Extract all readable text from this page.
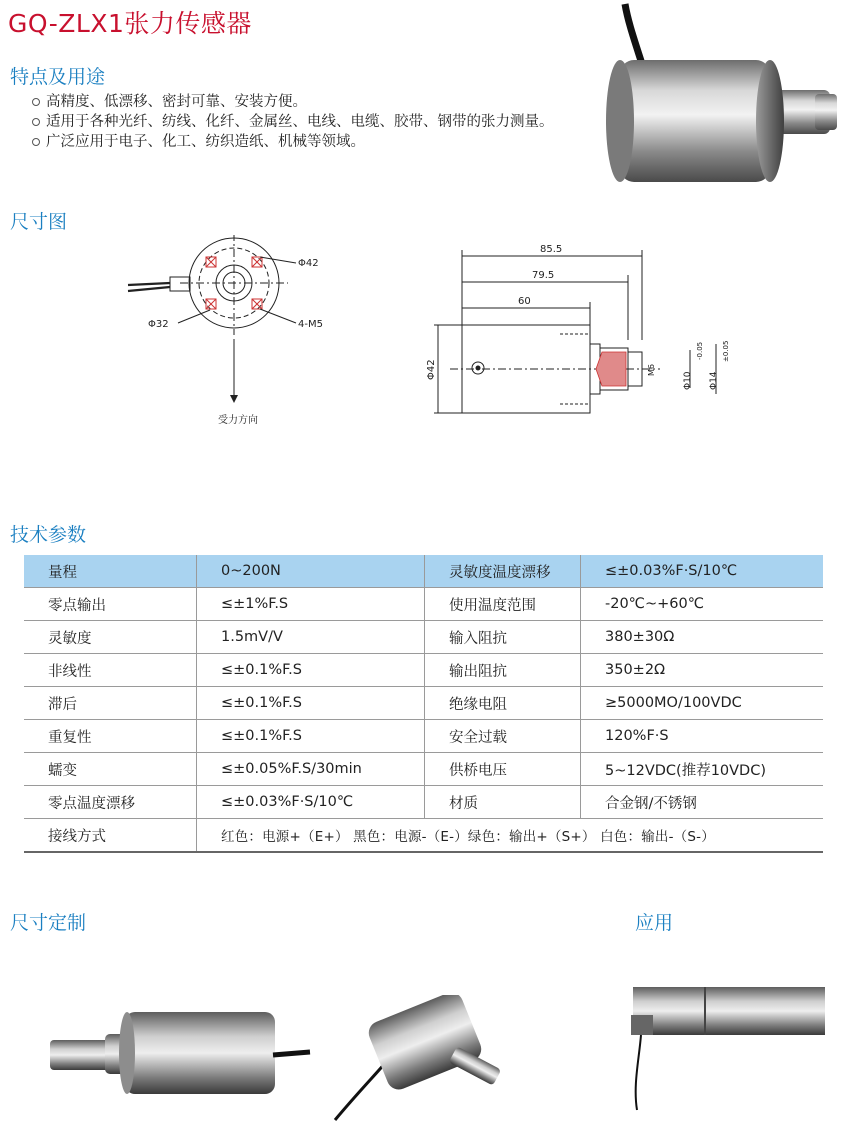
GQ-ZLX1张力传感器
特点及用途
高精度、低漂移、密封可靠、安装方便。
适用于各种光纤、纺线、化纤、金属丝、电线、电缆、胶带、钢带的张力测量。
广泛应用于电子、化工、纺织造纸、机械等领域。
尺寸图
Φ42
4-M5
Φ32
受力方向
85.5
79.5
60
Φ42	M6
Φ10
-0.05
Φ14
±0.05
技术参数
量程	0~200N	灵敏度温度漂移	≤±0.03%F·S/10℃
零点输出	≤±1%F.S	使用温度范围	-20℃~+60℃
灵敏度	1.5mV/V	输入阻抗	380±30Ω
非线性	≤±0.1%F.S	输出阻抗	350±2Ω
滞后	≤±0.1%F.S	绝缘电阻	≥5000MO/100VDC
重复性	≤±0.1%F.S	安全过载	120%F·S
蠕变	≤±0.05%F.S/30min	供桥电压	5~12VDC(推荐10VDC)
零点温度漂移	≤±0.03%F·S/10℃	材质	合金钢/不锈钢
接线方式	红色：电源+（E+） 黑色：电源-（E-）绿色：输出+（S+） 白色：输出-（S-）		
尺寸定制	应用
